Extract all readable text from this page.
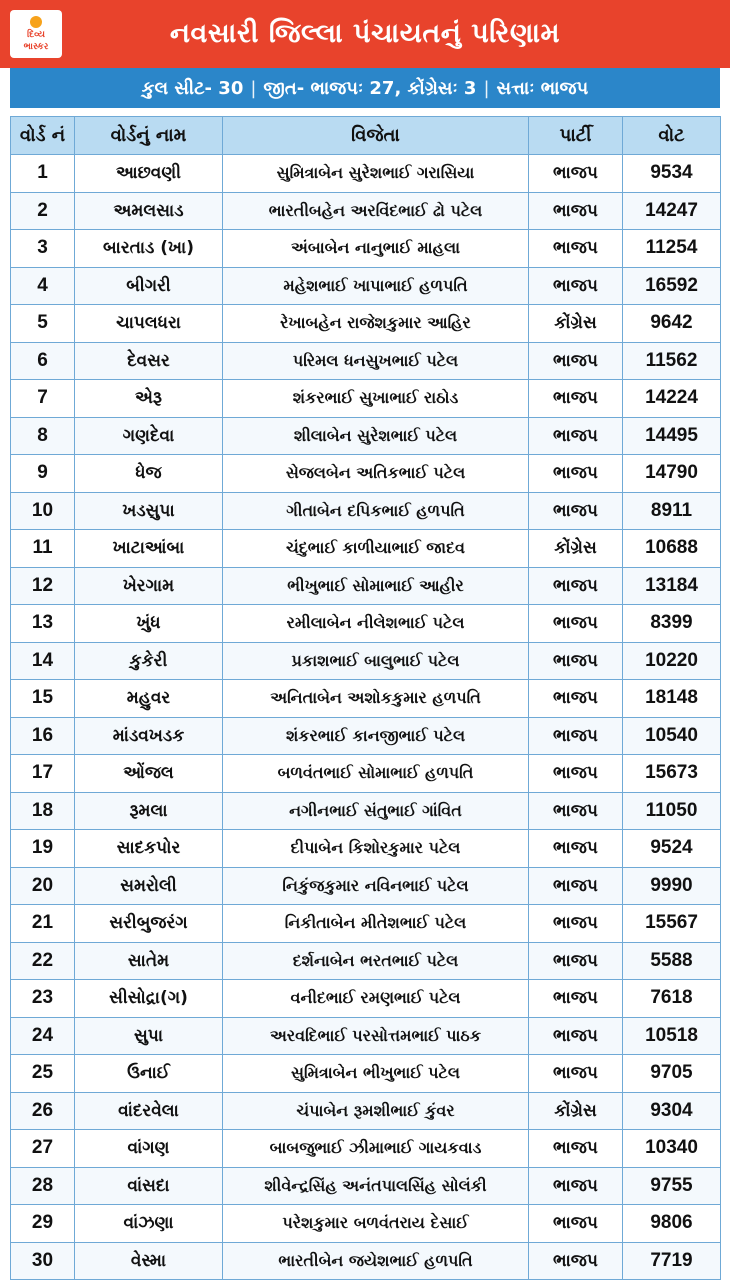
દિવ્ય
ભાસ્કર	નવસારી જિલ્લા પંચાયતનું પરિણામ
કુલ સીટ- 30 | જીત- ભાજપઃ 27, કોંગ્રેસઃ 3 | સત્તાઃ ભાજપ
વોર્ડ નં	વોર્ડનું નામ	વિજેતા	પાર્ટી	વોટ
1	આછવણી	સુમિત્રાબેન સુરેશભાઈ ગરાસિયા	ભાજપ	9534
2	અમલસાડ	ભારતીબહેન અરવિંદભાઈ ઢો પટેલ	ભાજપ	14247
3	બારતાડ (ખા)	અંબાબેન નાનુભાઈ માહલા	ભાજપ	11254
4	બીગરી	મહેશભાઈ ખાપાભાઈ હળપતિ	ભાજપ	16592
5	ચાપલધરા	રેખાબહેન રાજેશકુમાર આહિર	કોંગ્રેસ	9642
6	દેવસર	પરિમલ ધનસુખભાઈ પટેલ	ભાજપ	11562
7	એરૂ	શંકરભાઈ સુખાભાઈ રાઠોડ	ભાજપ	14224
8	ગણદેવા	શીલાબેન સુરેશભાઈ પટેલ	ભાજપ	14495
9	ધેજ	સેજલબેન અતિકભાઈ પટેલ	ભાજપ	14790
10	ખડસુપા	ગીતાબેન દપિકભાઈ હળપતિ	ભાજપ	8911
11	ખાટાઆંબા	ચંદુભાઈ કાળીયાભાઈ જાદવ	કોંગ્રેસ	10688
12	ખેરગામ	ભીખુભાઈ સોમાભાઈ આહીર	ભાજપ	13184
13	ખુંધ	રમીલાબેન નીલેશભાઈ પટેલ	ભાજપ	8399
14	કુકેરી	પ્રકાશભાઈ બાલુભાઈ પટેલ	ભાજપ	10220
15	મહુવર	અનિતાબેન અશોકકુમાર હળપતિ	ભાજપ	18148
16	માંડવખડક	શંકરભાઈ કાનજીભાઈ પટેલ	ભાજપ	10540
17	ઓંજલ	બળવંતભાઈ સોમાભાઈ હળપતિ	ભાજપ	15673
18	રૂમલા	નગીનભાઈ સંતુભાઈ ગાંવિત	ભાજપ	11050
19	સાદકપોર	દીપાબેન કિશોરકુમાર પટેલ	ભાજપ	9524
20	સમરોલી	નિકુંજકુમાર નવિનભાઈ પટેલ	ભાજપ	9990
21	સરીબુજરંગ	નિકીતાબેન મીતેશભાઈ પટેલ	ભાજપ	15567
22	સાતેમ	દર્શનાબેન ભરતભાઈ પટેલ	ભાજપ	5588
23	સીસોદ્રા(ગ)	વનીદભાઈ રમણભાઈ પટેલ	ભાજપ	7618
24	સુપા	અરવદિભાઈ પરસોત્તમભાઈ પાઠક	ભાજપ	10518
25	ઉનાઈ	સુમિત્રાબેન ભીખુભાઈ પટેલ	ભાજપ	9705
26	વાંદરવેલા	ચંપાબેન રૂમશીભાઈ કુંવર	કોંગ્રેસ	9304
27	વાંગણ	બાબજુભાઈ ઝીમાભાઈ ગાયકવાડ	ભાજપ	10340
28	વાંસદા	શીવેન્દ્રસિંહ અનંતપાલસિંહ સોલંકી	ભાજપ	9755
29	વાંઝણા	પરેશકુમાર બળવંતરાય દેસાઈ	ભાજપ	9806
30	વેસ્મા	ભારતીબેન જયેશભાઈ હળપતિ	ભાજપ	7719
